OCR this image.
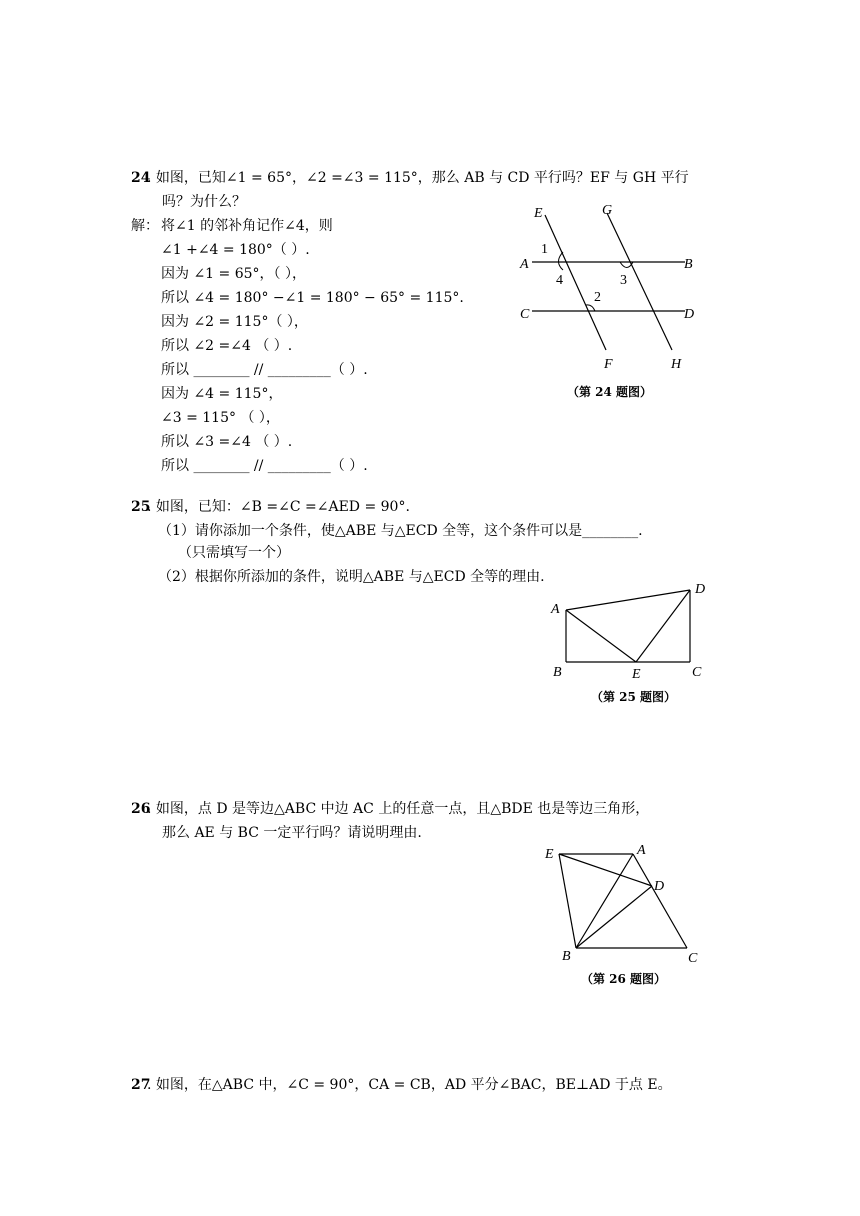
24
. 如图，已知∠1 = 65°，∠2 =∠3 = 115°，那么 AB 与 CD 平行吗？EF 与 GH 平行
吗？为什么？
解： 将∠1 的邻补角记作∠4，则
∠1 +∠4 = 180°（ ）.
因为 ∠1 = 65°，（ ），
所以 ∠4 = 180° −∠1 = 180° − 65° = 115°.
因为 ∠2 = 115°（ ），
所以 ∠2 =∠4 （ ）.
所以 ________ // _________（ ）.
因为 ∠4 = 115°，
∠3 = 115° （ ），
所以 ∠3 =∠4 （ ）.
所以 ________ // _________（ ）.
E	G
A	B
C	D
F	H
1
2
3
4
（第 24 题图）
25
. 如图，已知：∠B =∠C =∠AED = 90°.
（1）请你添加一个条件，使△ABE 与△ECD 全等，这个条件可以是________.
（只需填写一个）
（2）根据你所添加的条件，说明△ABE 与△ECD 全等的理由.
A
B	C
D
E
（第 25 题图）
26
. 如图，点 D 是等边△ABC 中边 AC 上的任意一点，且△BDE 也是等边三角形，
那么 AE 与 BC 一定平行吗？请说明理由.
E	A
D
B	C
（第 26 题图）
27
. 如图，在△ABC 中，∠C = 90°，CA = CB，AD 平分∠BAC，BE⊥AD 于点 E。
